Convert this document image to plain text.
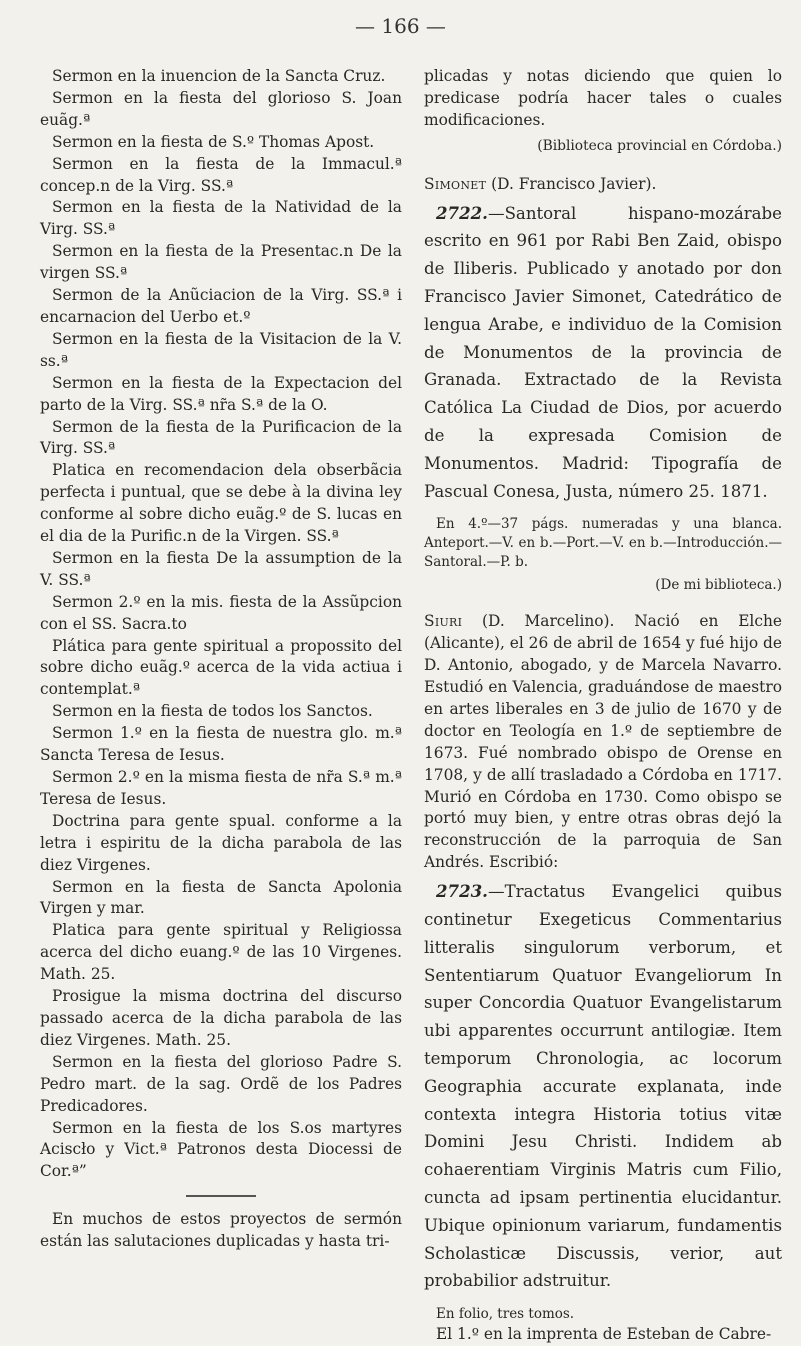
— 166 —

Sermon en la inuencion de la Sancta Cruz.

Sermon en la fiesta del glorioso S. Joan euãg.ª

Sermon en la fiesta de S.º Thomas Apost.

Sermon en la fiesta de la Immacul.ª concep.n de la Virg. SS.ª

Sermon en la fiesta de la Natividad de la Virg. SS.ª

Sermon en la fiesta de la Presentac.n De la virgen SS.ª

Sermon de la Anũciacion de la Virg. SS.ª i encarnacion del Uerbo et.º

Sermon en la fiesta de la Visitacion de la V. ss.ª

Sermon en la fiesta de la Expectacion del parto de la Virg. SS.ª nr̃a S.ª de la O.

Sermon de la fiesta de la Purificacion de la Virg. SS.ª

Platica en recomendacion dela obserbãcia perfecta i puntual, que se debe à la divina ley conforme al sobre dicho euãg.º de S. lucas en el dia de la Purific.n de la Virgen. SS.ª

Sermon en la fiesta De la assumption de la V. SS.ª

Sermon 2.º en la mis. fiesta de la Assũpcion con el SS. Sacra.to

Plática para gente spiritual a propossito del sobre dicho euãg.º acerca de la vida actiua i contemplat.ª

Sermon en la fiesta de todos los Sanctos.

Sermon 1.º en la fiesta de nuestra glo. m.ª Sancta Teresa de Iesus.

Sermon 2.º en la misma fiesta de nr̃a S.ª m.ª Teresa de Iesus.

Doctrina para gente spual. conforme a la letra i espiritu de la dicha parabola de las diez Virgenes.

Sermon en la fiesta de Sancta Apolonia Virgen y mar.

Platica para gente spiritual y Religiossa acerca del dicho euang.º de las 10 Virgenes. Math. 25.

Prosigue la misma doctrina del discurso passado acerca de la dicha parabola de las diez Virgenes. Math. 25.

Sermon en la fiesta del glorioso Padre S. Pedro mart. de la sag. Ordẽ de los Padres Predicadores.

Sermon en la fiesta de los S.os martyres Aciscło y Vict.ª Patronos desta Diocessi de Cor.ª”

En muchos de estos proyectos de sermón están las salutaciones duplicadas y hasta tri-

plicadas y notas diciendo que quien lo predicase podría hacer tales o cuales modificaciones.

(Biblioteca provincial en Córdoba.)

Simonet (D. Francisco Javier).

2722.—Santoral hispano-mozárabe escrito en 961 por Rabi Ben Zaid, obispo de Iliberis. Publicado y anotado por don Francisco Javier Simonet, Catedrático de lengua Arabe, e individuo de la Comision de Monumentos de la provincia de Granada. Extractado de la Revista Católica La Ciudad de Dios, por acuerdo de la expresada Comision de Monumentos. Madrid: Tipografía de Pascual Conesa, Justa, número 25. 1871.

En 4.º—37 págs. numeradas y una blanca. Anteport.—V. en b.—Port.—V. en b.—Introducción.—Santoral.—P. b.

(De mi biblioteca.)

Siuri (D. Marcelino). Nació en Elche (Alicante), el 26 de abril de 1654 y fué hijo de D. Antonio, abogado, y de Marcela Navarro. Estudió en Valencia, graduándose de maestro en artes liberales en 3 de julio de 1670 y de doctor en Teología en 1.º de septiembre de 1673. Fué nombrado obispo de Orense en 1708, y de allí trasladado a Córdoba en 1717. Murió en Córdoba en 1730. Como obispo se portó muy bien, y entre otras obras dejó la reconstrucción de la parroquia de San Andrés. Escribió:

2723.—Tractatus Evangelici quibus continetur Exegeticus Commentarius litteralis singulorum verborum, et Sententiarum Quatuor Evangeliorum In super Concordia Quatuor Evangelistarum ubi apparentes occurrunt antilogiæ. Item temporum Chronologia, ac locorum Geographia accurate explanata, inde contexta integra Historia totius vitæ Domini Jesu Christi. Indidem ab cohaerentiam Virginis Matris cum Filio, cuncta ad ipsam pertinentia elucidantur. Ubique opinionum variarum, fundamentis Scholasticæ Discussis, verior, aut probabilior adstruitur.

En folio, tres tomos.

El 1.º en la imprenta de Esteban de Cabre-
